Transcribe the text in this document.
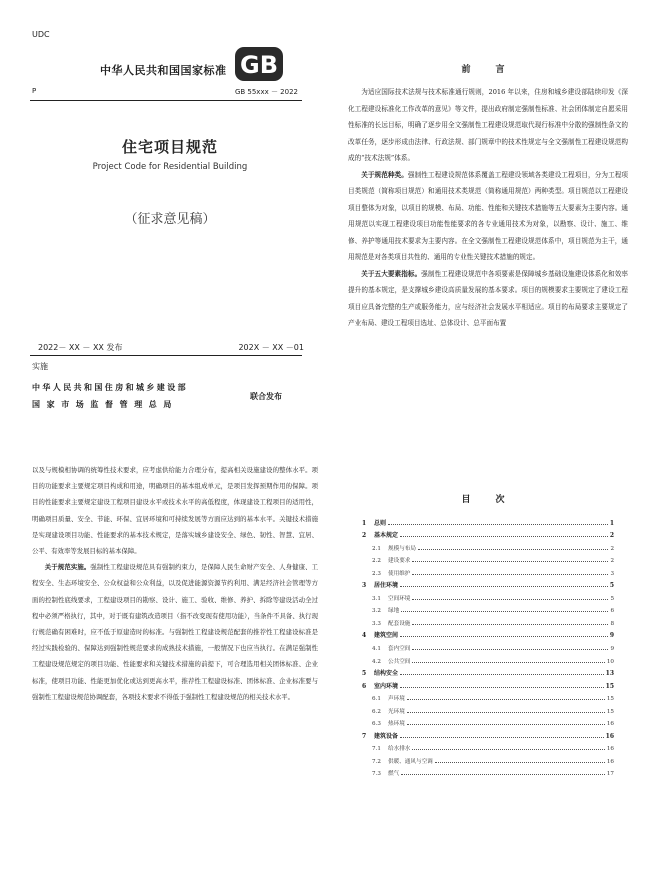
UDC
中华人民共和国国家标准 GB
P	GB 55xxx － 2022
住宅项目规范
Project Code for Residential Building
（征求意见稿）
2022－ XX － XX 发布	202X － XX －01
实施
中华人民共和国住房和城乡建设部
国家市场监督管理总局
联合发布
前　言

为适应国际技术法规与技术标准通行规则，2016 年以来，住房和城乡建设部陆续印发《深化工程建设标准化工作改革的意见》等文件，提出政府制定强制性标准、社会团体制定自愿采用性标准的长远目标，明确了逐步用全文强制性工程建设规范取代现行标准中分散的强制性条文的改革任务，逐步形成由法律、行政法规、部门规章中的技术性规定与全文强制性工程建设规范构成的“技术法规”体系。

关于规范种类。强制性工程建设规范体系覆盖工程建设领域各类建设工程项目，分为工程项目类规范（简称项目规范）和通用技术类规范（简称通用规范）两种类型。项目规范以工程建设项目整体为对象，以项目的规模、布局、功能、性能和关键技术措施等五大要素为主要内容。通用规范以实现工程建设项目功能性能要求的各专业通用技术为对象，以勘察、设计、施工、维修、养护等通用技术要求为主要内容。在全文强制性工程建设规范体系中，项目规范为主干，通用规范是对各类项目共性的、通用的专业性关键技术措施的规定。

关于五大要素指标。强制性工程建设规范中各项要素是保障城乡基础设施建设体系化和效率提升的基本规定，是支撑城乡建设高质量发展的基本要求。项目的规模要求主要规定了建设工程项目应具备完整的生产或服务能力，应与经济社会发展水平相适应。项目的布局要求主要规定了产业布局、建设工程项目选址、总体设计、总平面布置

以及与规模相协调的统筹性技术要求，应考虑供给能力合理分布，提高相关设施建设的整体水平。项目的功能要求主要规定项目构成和用途，明确项目的基本组成单元，是项目发挥预期作用的保障。项目的性能要求主要规定建设工程项目建设水平或技术水平的高低程度，体现建设工程项目的适用性，明确项目质量、安全、节能、环保、宜居环境和可持续发展等方面应达到的基本水平。关键技术措施是实现建设项目功能、性能要求的基本技术规定，是落实城乡建设安全、绿色、韧性、智慧、宜居、公平、有效率等发展目标的基本保障。

关于规范实施。强制性工程建设规范具有强制约束力，是保障人民生命财产安全、人身健康、工程安全、生态环境安全、公众权益和公众利益，以及促进能源资源节约利用、满足经济社会管理等方面的控制性底线要求，工程建设项目的勘察、设计、施工、验收、维修、养护、拆除等建设活动全过程中必须严格执行，其中，对于既有建筑改造项目（指不改变现有使用功能），当条件不具备、执行现行规范确有困难时，应不低于原建造时的标准。与强制性工程建设规范配套的推荐性工程建设标准是经过实践检验的、保障达到强制性规范要求的成熟技术措施，一般情况下也应当执行。在满足强制性工程建设规范规定的项目功能、性能要求和关键技术措施的前提下，可合理选用相关团体标准、企业标准，使项目功能、性能更加优化或达到更高水平，推荐性工程建设标准、团体标准、企业标准要与强制性工程建设规范协调配套，各项技术要求不得低于强制性工程建设规范的相关技术水平。

目　次
1	总则	1
2	基本规定	2
2.1	规模与布局	2
2.2	建设要求	2
2.3	使用维护	3
3	居住环境	5
3.1	空间环境	5
3.2	绿地	6
3.3	配套设施	8
4	建筑空间	9
4.1	套内空间	9
4.2	公共空间	10
5	结构安全	13
6	室内环境	15
6.1	声环境	15
6.2	光环境	15
6.3	热环境	16
7	建筑设备	16
7.1	给水排水	16
7.2	供暖、通风与空调	16
7.3	燃气	17
